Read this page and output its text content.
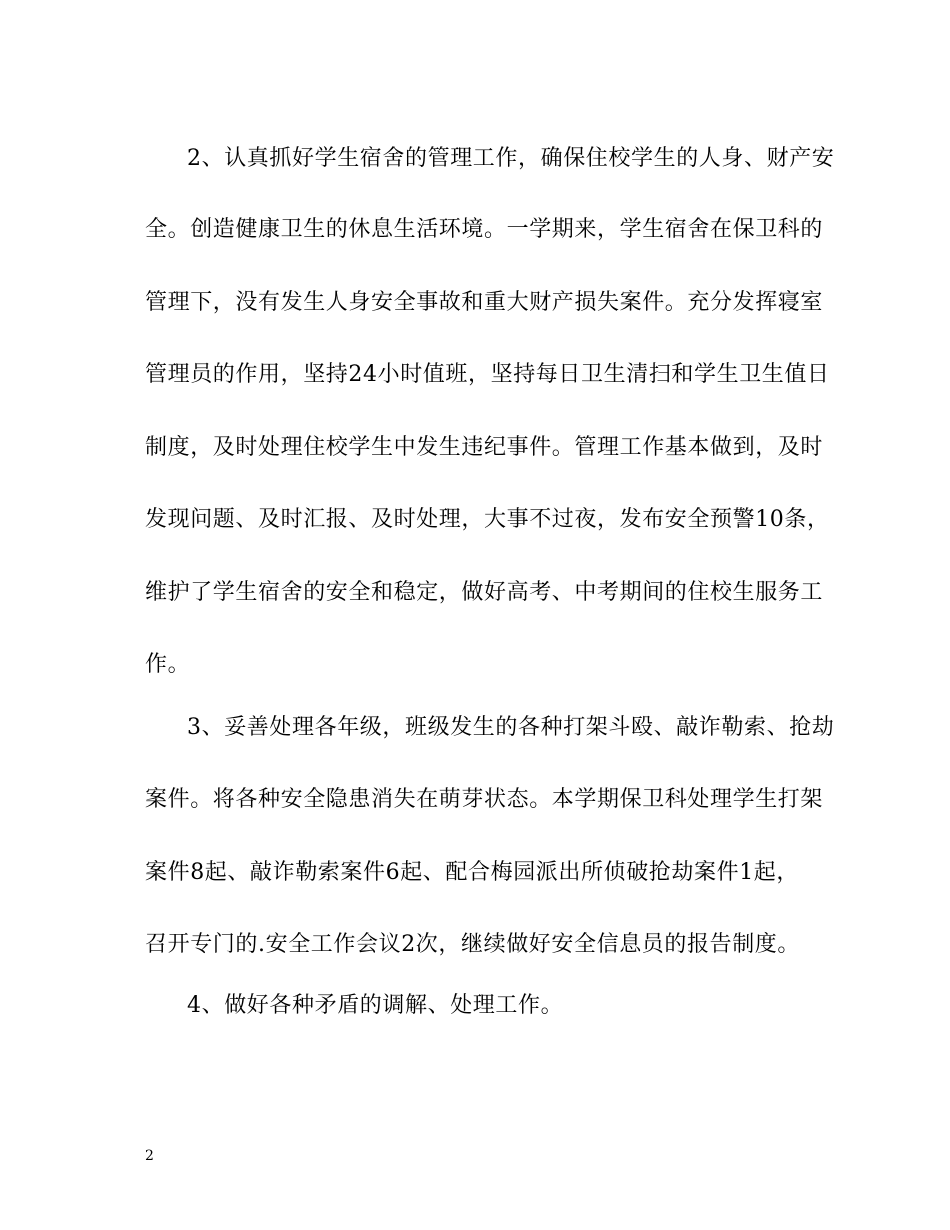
2、认真抓好学生宿舍的管理工作，确保住校学生的人身、财产安
全。创造健康卫生的休息生活环境。一学期来，学生宿舍在保卫科的
管理下，没有发生人身安全事故和重大财产损失案件。充分发挥寝室
管理员的作用，坚持24小时值班，坚持每日卫生清扫和学生卫生值日
制度，及时处理住校学生中发生违纪事件。管理工作基本做到，及时
发现问题、及时汇报、及时处理，大事不过夜，发布安全预警10条，
维护了学生宿舍的安全和稳定，做好高考、中考期间的住校生服务工
作。
3、妥善处理各年级，班级发生的各种打架斗殴、敲诈勒索、抢劫
案件。将各种安全隐患消失在萌芽状态。本学期保卫科处理学生打架
案件8起、敲诈勒索案件6起、配合梅园派出所侦破抢劫案件1起，
召开专门的.安全工作会议2次，继续做好安全信息员的报告制度。
4、做好各种矛盾的调解、处理工作。
2
